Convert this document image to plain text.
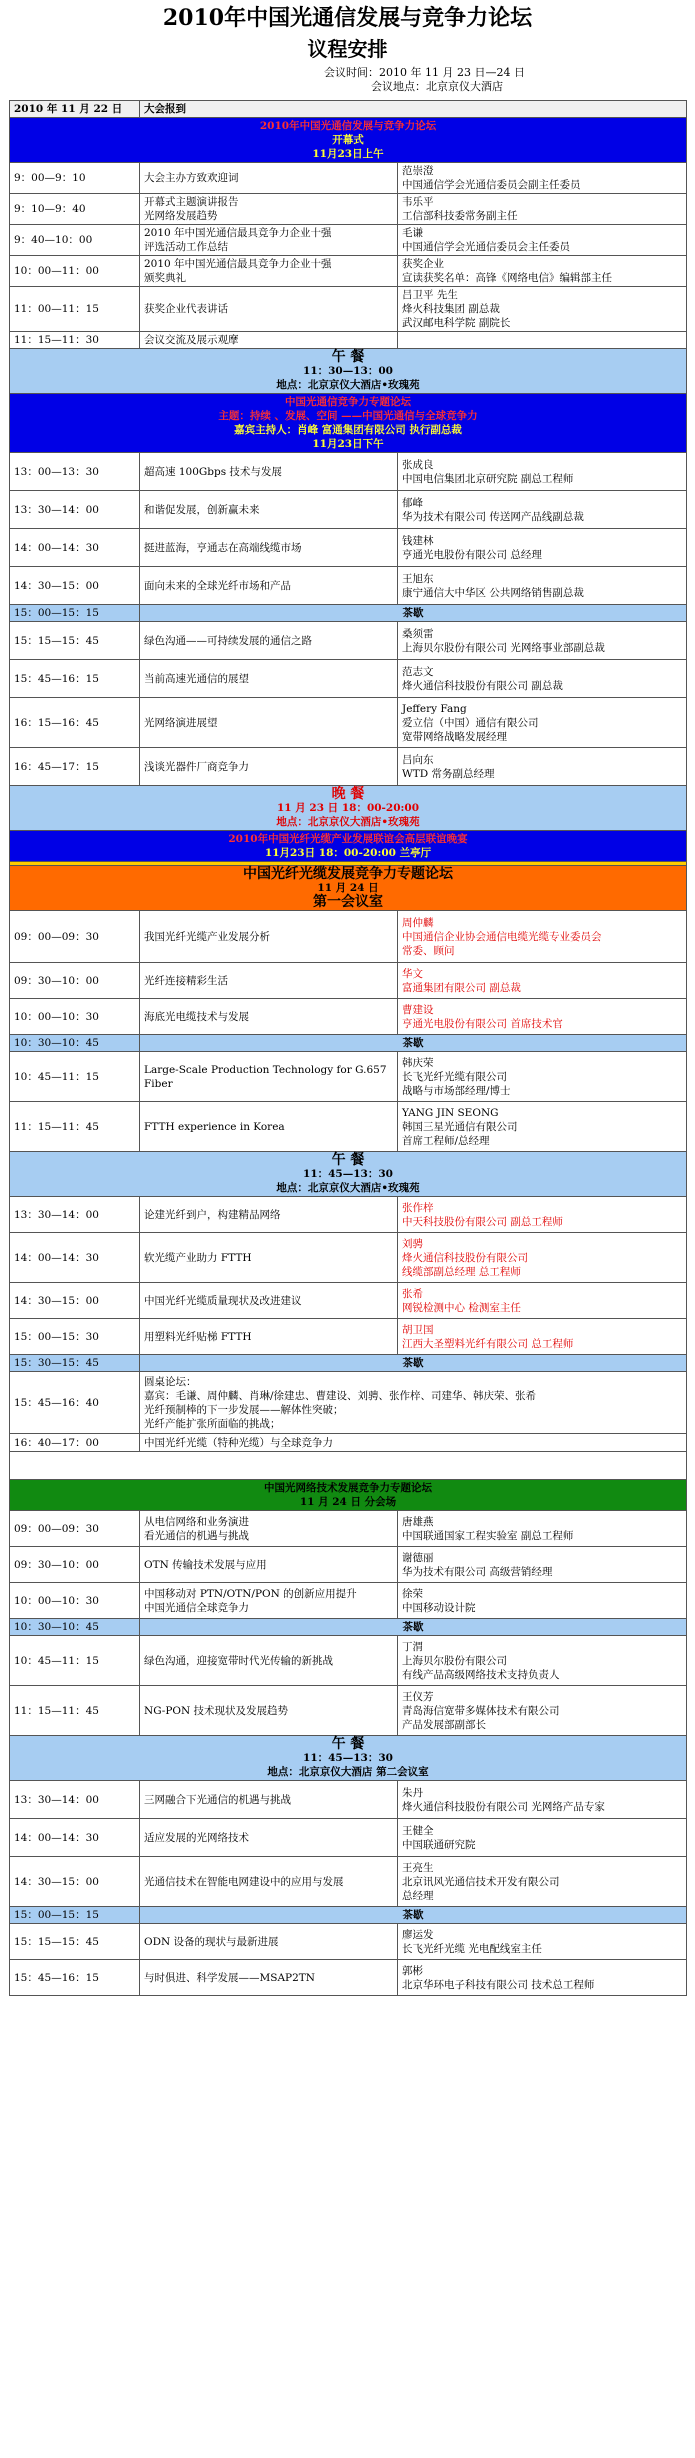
2010年中国光通信发展与竞争力论坛
议程安排
会议时间：2010 年 11 月 23 日—24 日
会议地点：北京京仪大酒店
2010 年 11 月 22 日	大会报到	

2010年中国光通信发展与竞争力论坛
开幕式
11月23日上午		

9：00—9：10	大会主办方致欢迎词	范崇澄
中国通信学会光通信委员会副主任委员
9：10—9：40	开幕式主题演讲报告
光网络发展趋势	韦乐平
工信部科技委常务副主任
9：40—10：00	2010 年中国光通信最具竞争力企业十强
评选活动工作总结	毛谦
中国通信学会光通信委员会主任委员
10：00—11：00	2010 年中国光通信最具竞争力企业十强
颁奖典礼	获奖企业
宣读获奖名单：高锋《网络电信》编辑部主任
11：00—11：15	获奖企业代表讲话	吕卫平 先生
烽火科技集团 副总裁
武汉邮电科学院 副院长
11：15—11：30	会议交流及展示观摩	

午 餐
11：30—13：00
地点：北京京仪大酒店•玫瑰苑		

中国光通信竞争力专题论坛
主题：持续 、发展、空间 ——中国光通信与全球竞争力
嘉宾主持人：肖峰 富通集团有限公司 执行副总裁
11月23日下午		

13：00—13：30	超高速 100Gbps 技术与发展	张成良
中国电信集团北京研究院 副总工程师
13：30—14：00	和谐促发展，创新赢未来	郁峰
华为技术有限公司 传送网产品线副总裁
14：00—14：30	挺进蓝海，亨通志在高端线缆市场	钱建林
亨通光电股份有限公司 总经理
14：30—15：00	面向未来的全球光纤市场和产品	王旭东
康宁通信大中华区 公共网络销售副总裁
15：00—15：15	茶歇	
15：15—15：45	绿色沟通——可持续发展的通信之路	桑须雷
上海贝尔股份有限公司 光网络事业部副总裁
15：45—16：15	当前高速光通信的展望	范志文
烽火通信科技股份有限公司 副总裁
16：15—16：45	光网络演进展望	Jeffery Fang
爱立信（中国）通信有限公司
宽带网络战略发展经理
16：45—17：15	浅谈光器件厂商竞争力	吕向东
WTD 常务副总经理

晚 餐
11 月 23 日 18：00-20:00
地点：北京京仪大酒店•玫瑰苑		

2010年中国光纤光缆产业发展联谊会高层联谊晚宴
11月23日 18：00-20:00 兰亭厅		

中国光纤光缆发展竞争力专题论坛
11 月 24 日
第一会议室		

09：00—09：30	我国光纤光缆产业发展分析	周仲麟
中国通信企业协会通信电缆光缆专业委员会
常委、顾问
09：30—10：00	光纤连接精彩生活	华文
富通集团有限公司 副总裁
10：00—10：30	海底光电缆技术与发展	曹建设
亨通光电股份有限公司 首席技术官
10：30—10：45	茶歇	
10：45—11：15	Large-Scale Production Technology for G.657 Fiber	韩庆荣
长飞光纤光缆有限公司
战略与市场部经理/博士
11：15—11：45	FTTH experience in Korea	YANG JIN SEONG
韩国三星光通信有限公司
首席工程师/总经理

午 餐
11：45—13：30
地点：北京京仪大酒店•玫瑰苑		

13：30—14：00	论建光纤到户，构建精品网络	张作梓
中天科技股份有限公司 副总工程师
14：00—14：30	软光缆产业助力 FTTH	刘骋
烽火通信科技股份有限公司
线缆部副总经理 总工程师
14：30—15：00	中国光纤光缆质量现状及改进建议	张希
网锐检测中心 检测室主任
15：00—15：30	用塑料光纤贴梯 FTTH	胡卫国
江西大圣塑料光纤有限公司 总工程师
15：30—15：45	茶歇	
15：45—16：40	圆桌论坛：
嘉宾：毛谦、周仲麟、肖琳/徐建忠、曹建设、刘骋、张作梓、司建华、韩庆荣、张希
光纤预制棒的下一步发展——解体性突破；
光纤产能扩张所面临的挑战；	
16：40—17：00	中国光纤光缆（特种光缆）与全球竞争力	

中国光网络技术发展竞争力专题论坛
11 月 24 日 分会场		

09：00—09：30	从电信网络和业务演进
看光通信的机遇与挑战	唐雄燕
中国联通国家工程实验室 副总工程师
09：30—10：00	OTN 传输技术发展与应用	谢德丽
华为技术有限公司 高级营销经理
10：00—10：30	中国移动对 PTN/OTN/PON 的创新应用提升
中国光通信全球竞争力	徐荣
中国移动设计院
10：30—10：45	茶歇	
10：45—11：15	绿色沟通，迎接宽带时代光传输的新挑战	丁渭
上海贝尔股份有限公司
有线产品高级网络技术支持负责人
11：15—11：45	NG-PON 技术现状及发展趋势	王仪芳
青岛海信宽带多媒体技术有限公司
产品发展部副部长

午 餐
11：45—13：30
地点：北京京仪大酒店 第二会议室		

13：30—14：00	三网融合下光通信的机遇与挑战	朱丹
烽火通信科技股份有限公司 光网络产品专家
14：00—14：30	适应发展的光网络技术	王健全
中国联通研究院
14：30—15：00	光通信技术在智能电网建设中的应用与发展	王亮生
北京讯风光通信技术开发有限公司
总经理
15：00—15：15	茶歇	
15：15—15：45	ODN 设备的现状与最新进展	廖运发
长飞光纤光缆 光电配线室主任
15：45—16：15	与时俱进、科学发展——MSAP2TN	郭彬
北京华环电子科技有限公司 技术总工程师
